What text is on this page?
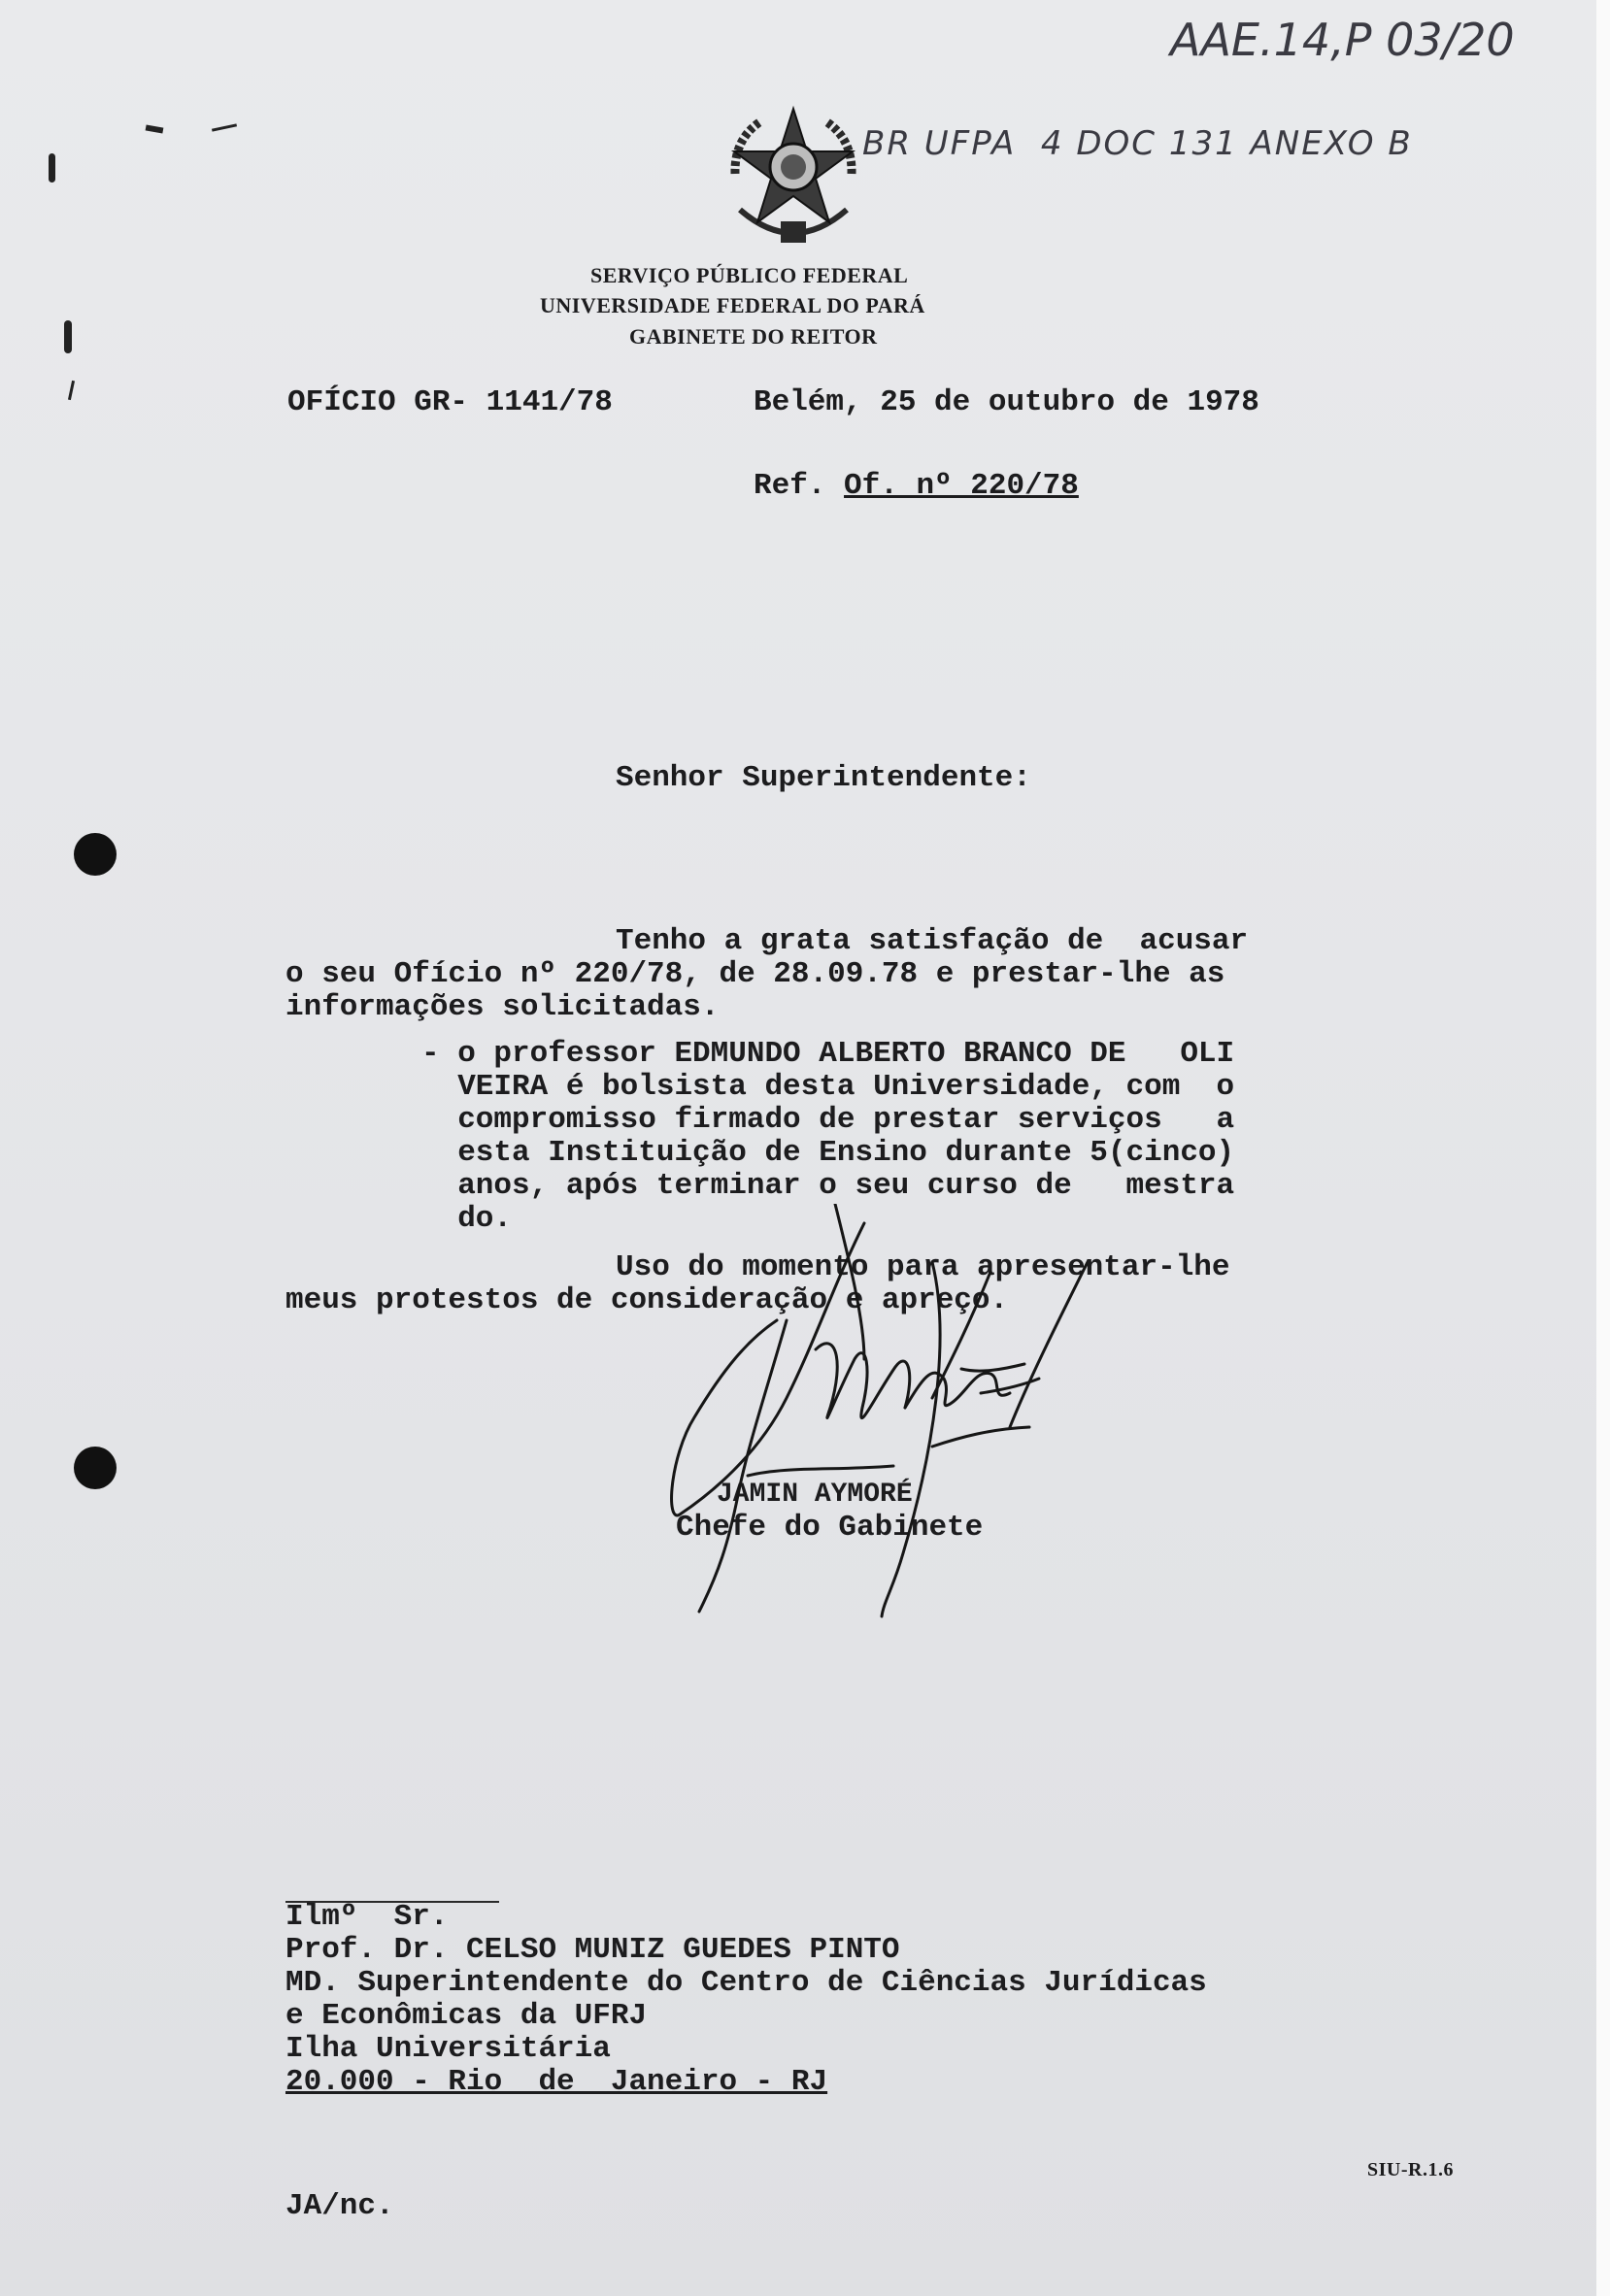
AAE.14,P 03/20
BR UFPA  4 DOC 131 ANEXO B
SERVIÇO PÚBLICO FEDERAL
UNIVERSIDADE FEDERAL DO PARÁ
GABINETE DO REITOR
OFÍCIO GR- 1141/78	Belém, 25 de outubro de 1978
Ref. Of. nº 220/78
Senhor Superintendente:
Tenho a grata satisfação de  acusar
o seu Ofício nº 220/78, de 28.09.78 e prestar-lhe as
informações solicitadas.
- o professor EDMUNDO ALBERTO BRANCO DE   OLI
VEIRA é bolsista desta Universidade, com  o
compromisso firmado de prestar serviços   a
esta Instituição de Ensino durante 5(cinco)
anos, após terminar o seu curso de   mestra
do.
Uso do momento para apresentar-lhe
meus protestos de consideração e apreço.
JAMIN AYMORÉ
Chefe do Gabinete
Ilmº  Sr.
Prof. Dr. CELSO MUNIZ GUEDES PINTO
MD. Superintendente do Centro de Ciências Jurídicas
e Econômicas da UFRJ
Ilha Universitária
20.000 - Rio  de  Janeiro - RJ
SIU-R.1.6
JA/nc.
